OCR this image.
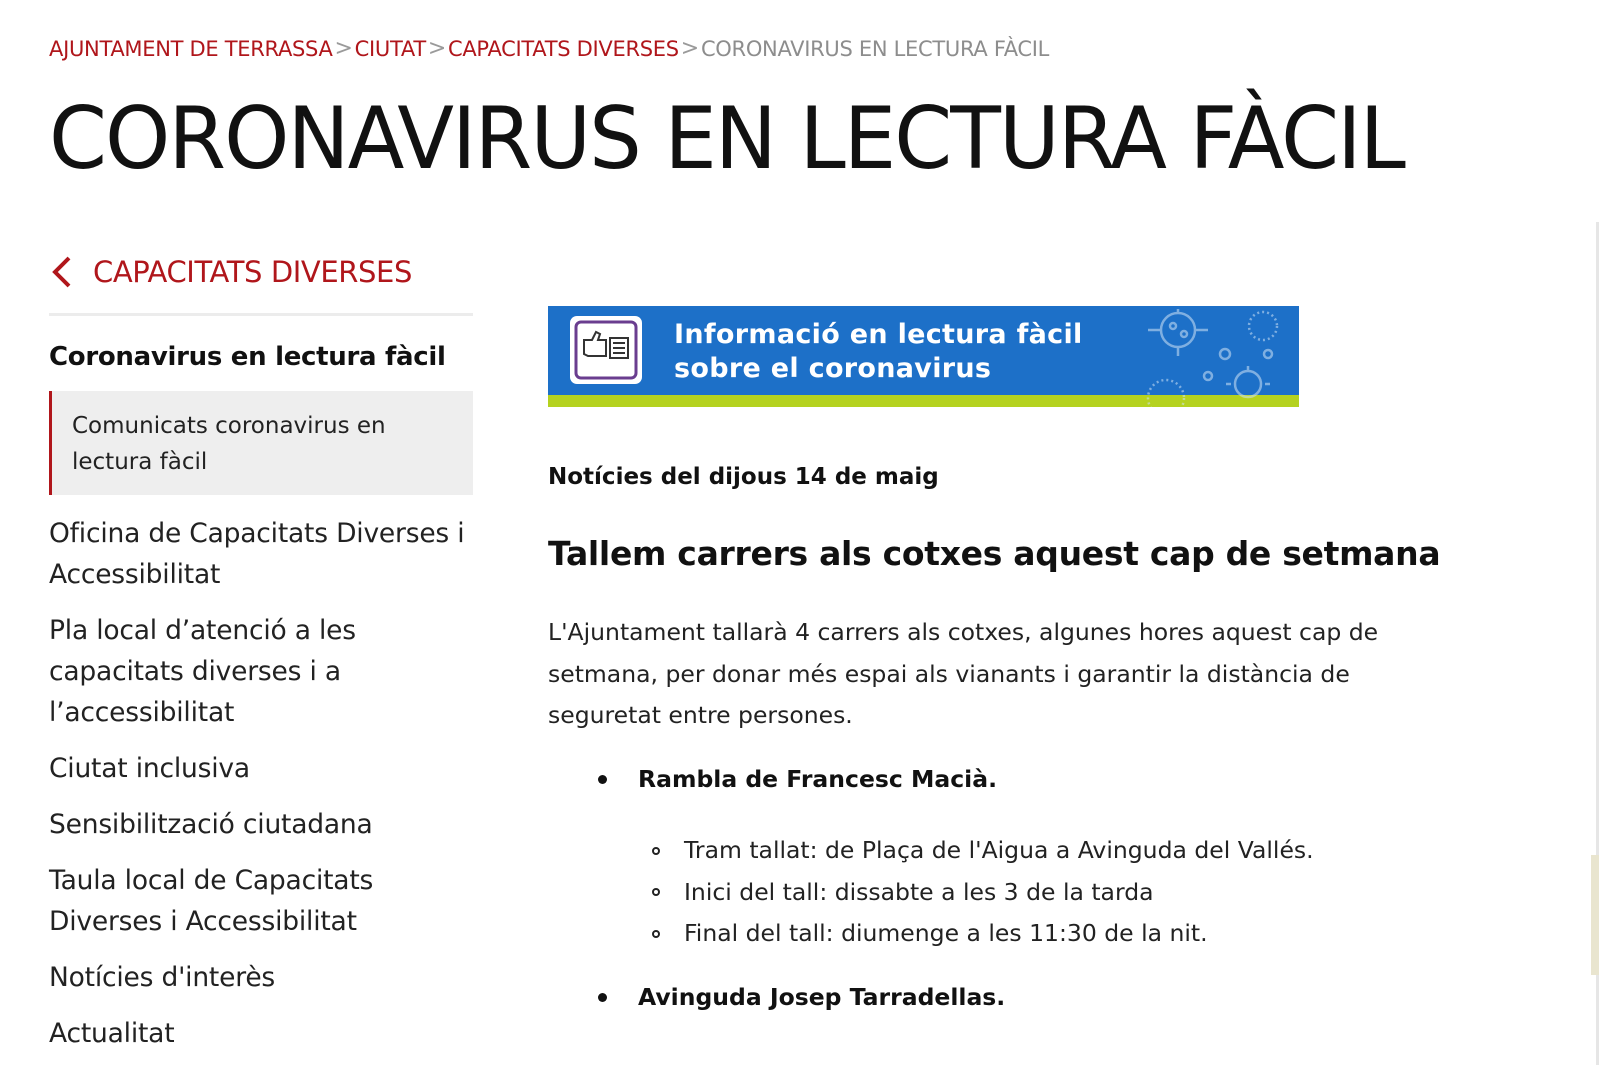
AJUNTAMENT DE TERRASSA > CIUTAT > CAPACITATS DIVERSES > CORONAVIRUS EN LECTURA FÀCIL
CORONAVIRUS EN LECTURA FÀCIL
CAPACITATS DIVERSES
Coronavirus en lectura fàcil
Comunicats coronavirus en lectura fàcil
Oficina de Capacitats Diverses i Accessibilitat
Pla local d’atenció a les capacitats diverses i a l’accessibilitat
Ciutat inclusiva
Sensibilització ciutadana
Taula local de Capacitats Diverses i Accessibilitat
Notícies d'interès
Actualitat
Informació en lectura fàcil
sobre el coronavirus
Notícies del dijous 14 de maig
Tallem carrers als cotxes aquest cap de setmana

L'Ajuntament tallarà 4 carrers als cotxes, algunes hores aquest cap de setmana, per donar més espai als vianants i garantir la distància de seguretat entre persones.

Rambla de Francesc Macià.
Tram tallat: de Plaça de l'Aigua a Avinguda del Vallés.
Inici del tall: dissabte a les 3 de la tarda
Final del tall: diumenge a les 11:30 de la nit.
Avinguda Josep Tarradellas.
